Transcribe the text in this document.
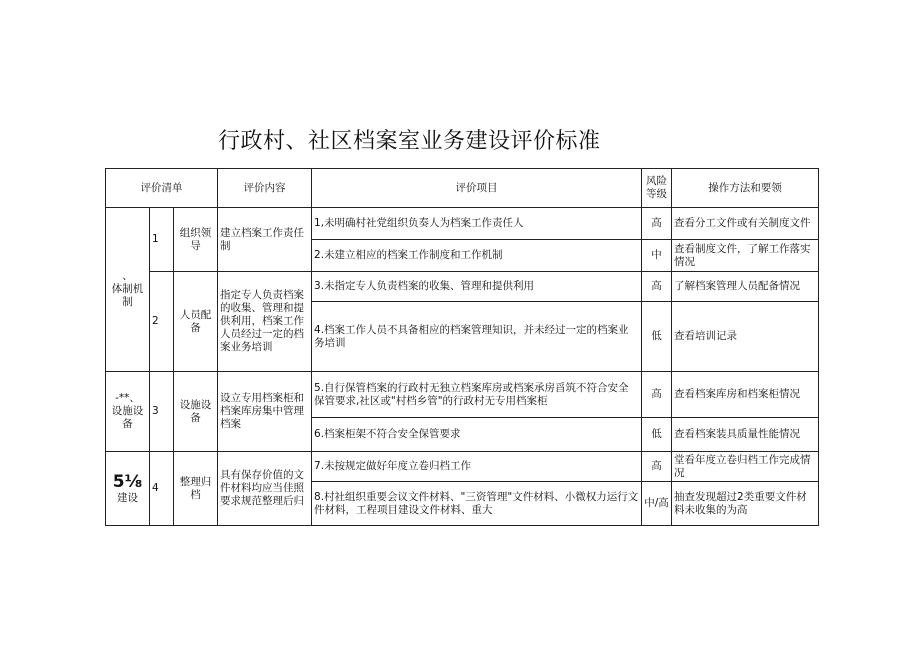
行政村、社区档案室业务建设评价标准
评价清单			评价内容	评价项目	风险等级	操作方法和要领

、
体制机制	1	组织领导	建立档案工作责任制	1,未明确村社党组织负奏人为档案工作责任人	高	查看分工文件或有关制度文件
				2.未建立相应的档案工作制度和工作机制	中	查看制度文件，了解工作落实情况
	2	人员配备	指定专人负责档案的收集、管理和提供利用，档案工作人员经过一定的档案业务培训	3.未指定专人负责档案的收集、管理和提供利用	高	了解档案管理人员配备情况
				4.档案工作人员不具备相应的档案管理知识，并未经过一定的档案业务培训	低	查看培训记录

-**、
设施设备	3	设施设备	设立专用档案柜和档案库房集中管理档案	5.自行保管档案的行政村无独立档案库房或档案承房㸓筑不符合安全保管要求,社区或"村档乡管"的行政村无专用档案柜	高	查看档案库房和档案柜情况
				6.档案柜架不符合安全保管要求	低	查看档案装具质量性能情况

5⅛
建设	4	整理归档	具有保存价值的文件材料均应当佳照要求规范整理后归	7.未按规定做好年度立卷归档工作	高	堂看年度立卷归档工作完成情况
				8.村社组织重要会议文件材料、"三资管理"文件材料、小微权力运行文件材料，工程项目建设文件材料、重大	中/高	抽查发现超过2类重要文件材料未收集的为高
